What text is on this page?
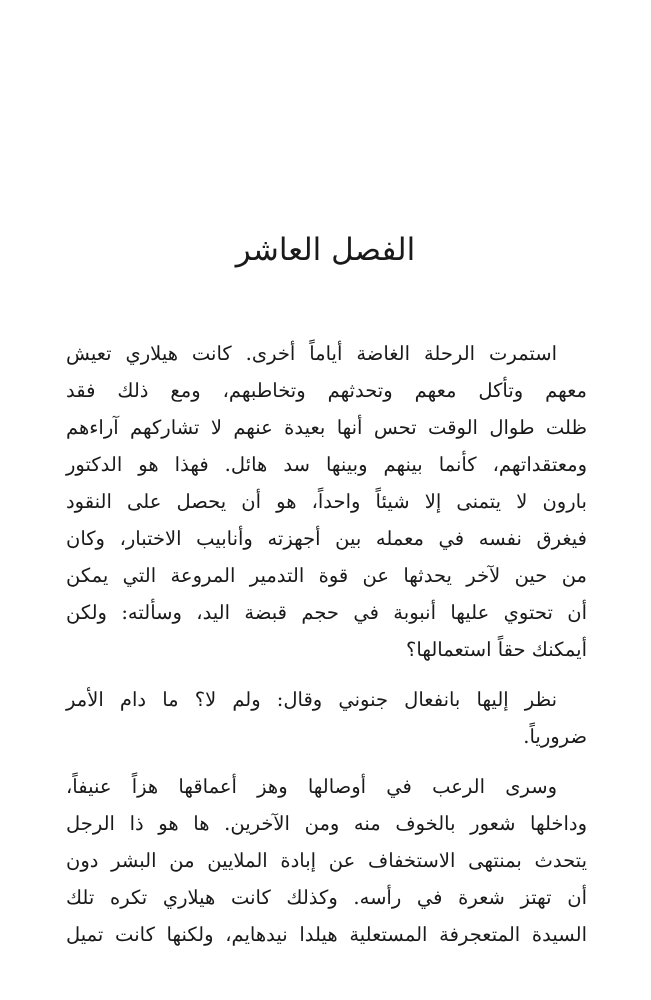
الفصل العاشر
استمرت الرحلة الغاضة أياماً أخرى. كانت هيلاري تعيش
معهم وتأكل معهم وتحدثهم وتخاطبهم، ومع ذلك فقد
ظلت طوال الوقت تحس أنها بعيدة عنهم لا تشاركهم آراءهم
ومعتقداتهم، كأنما بينهم وبينها سد هائل. فهذا هو الدكتور
بارون لا يتمنى إلا شيئاً واحداً، هو أن يحصل على النقود
فيغرق نفسه في معمله بين أجهزته وأنابيب الاختبار، وكان
من حين لآخر يحدثها عن قوة التدمير المروعة التي يمكن
أن تحتوي عليها أنبوبة في حجم قبضة اليد، وسألته: ولكن
أيمكنك حقاً استعمالها؟
نظر إليها بانفعال جنوني وقال: ولم لا؟ ما دام الأمر
ضرورياً.
وسرى الرعب في أوصالها وهز أعماقها هزاً عنيفاً،
وداخلها شعور بالخوف منه ومن الآخرين. ها هو ذا الرجل
يتحدث بمنتهى الاستخفاف عن إبادة الملايين من البشر دون
أن تهتز شعرة في رأسه. وكذلك كانت هيلاري تكره تلك
السيدة المتعجرفة المستعلية هيلدا نيدهايم، ولكنها كانت تميل
